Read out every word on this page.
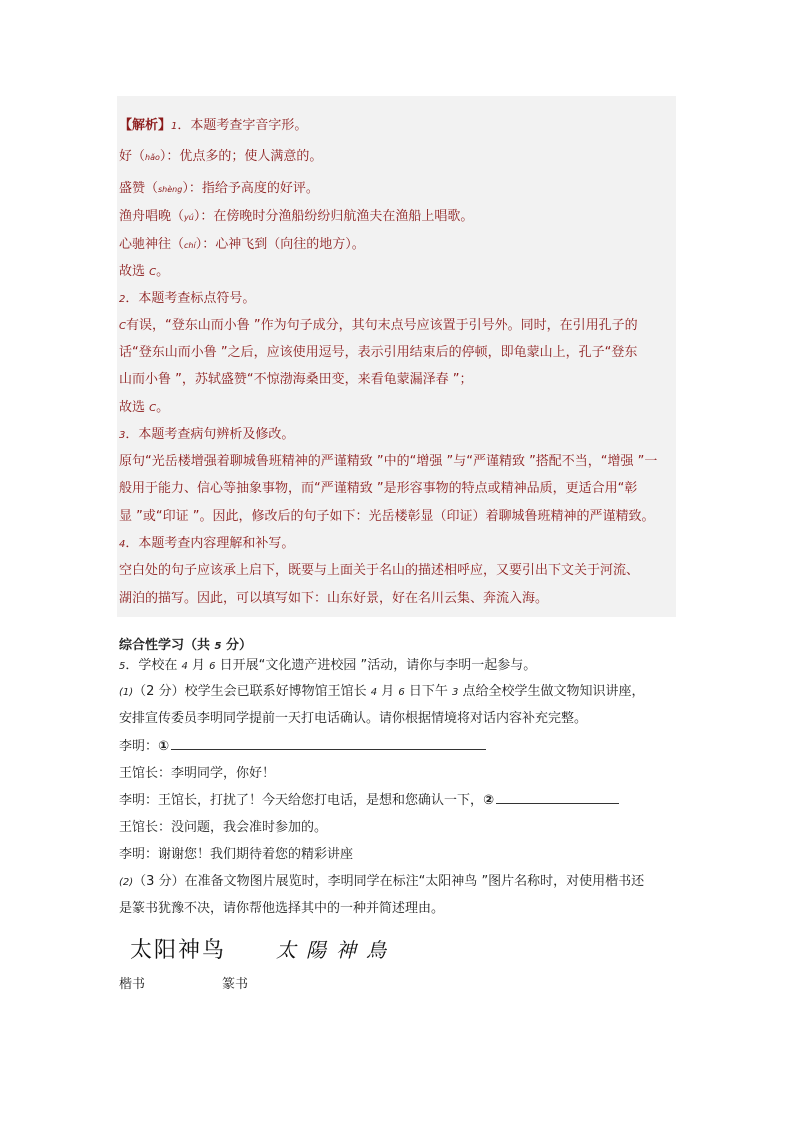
【解析】1．本题考查字音字形。
好（hǎo）：优点多的；使人满意的。
盛赞（shèng）：指给予高度的好评。
渔舟唱晚（yú）：在傍晚时分渔船纷纷归航渔夫在渔船上唱歌。
心驰神往（chí）：心神飞到（向往的地方）。
故选 C。
2．本题考查标点符号。
C有误，“登东山而小鲁 ”作为句子成分，其句末点号应该置于引号外。同时，在引用孔子的
话“登东山而小鲁 ”之后，应该使用逗号，表示引用结束后的停顿，即龟蒙山上，孔子“登东
山而小鲁 ”，苏轼盛赞“不惊渤海桑田变，来看龟蒙漏泽春 ”；
故选 C。
3．本题考查病句辨析及修改。
原句“光岳楼增强着聊城鲁班精神的严谨精致 ”中的“增强 ”与“严谨精致 ”搭配不当，“增强 ”一
般用于能力、信心等抽象事物，而“严谨精致 ”是形容事物的特点或精神品质，更适合用“彰
显 ”或“印证 ”。因此，修改后的句子如下：光岳楼彰显（印证）着聊城鲁班精神的严谨精致。
4．本题考查内容理解和补写。
空白处的句子应该承上启下，既要与上面关于名山的描述相呼应，又要引出下文关于河流、
湖泊的描写。因此，可以填写如下：山东好景，好在名川云集、奔流入海。
综合性学习（共 5 分）
5．学校在 4 月 6 日开展“文化遗产进校园 ”活动，请你与李明一起参与。
(1)（2 分）校学生会已联系好博物馆王馆长 4 月 6 日下午 3 点给全校学生做文物知识讲座，
安排宣传委员李明同学提前一天打电话确认。请你根据情境将对话内容补充完整。
李明：①
王馆长：李明同学，你好！
李明：王馆长，打扰了！今天给您打电话，是想和您确认一下，②
王馆长：没问题，我会准时参加的。
李明：谢谢您！我们期待着您的精彩讲座
(2)（3 分）在准备文物图片展览时，李明同学在标注“太阳神鸟 ”图片名称时，对使用楷书还
是篆书犹豫不决，请你帮他选择其中的一种并简述理由。
太阳神鸟 太陽神鳥
楷书	篆书
